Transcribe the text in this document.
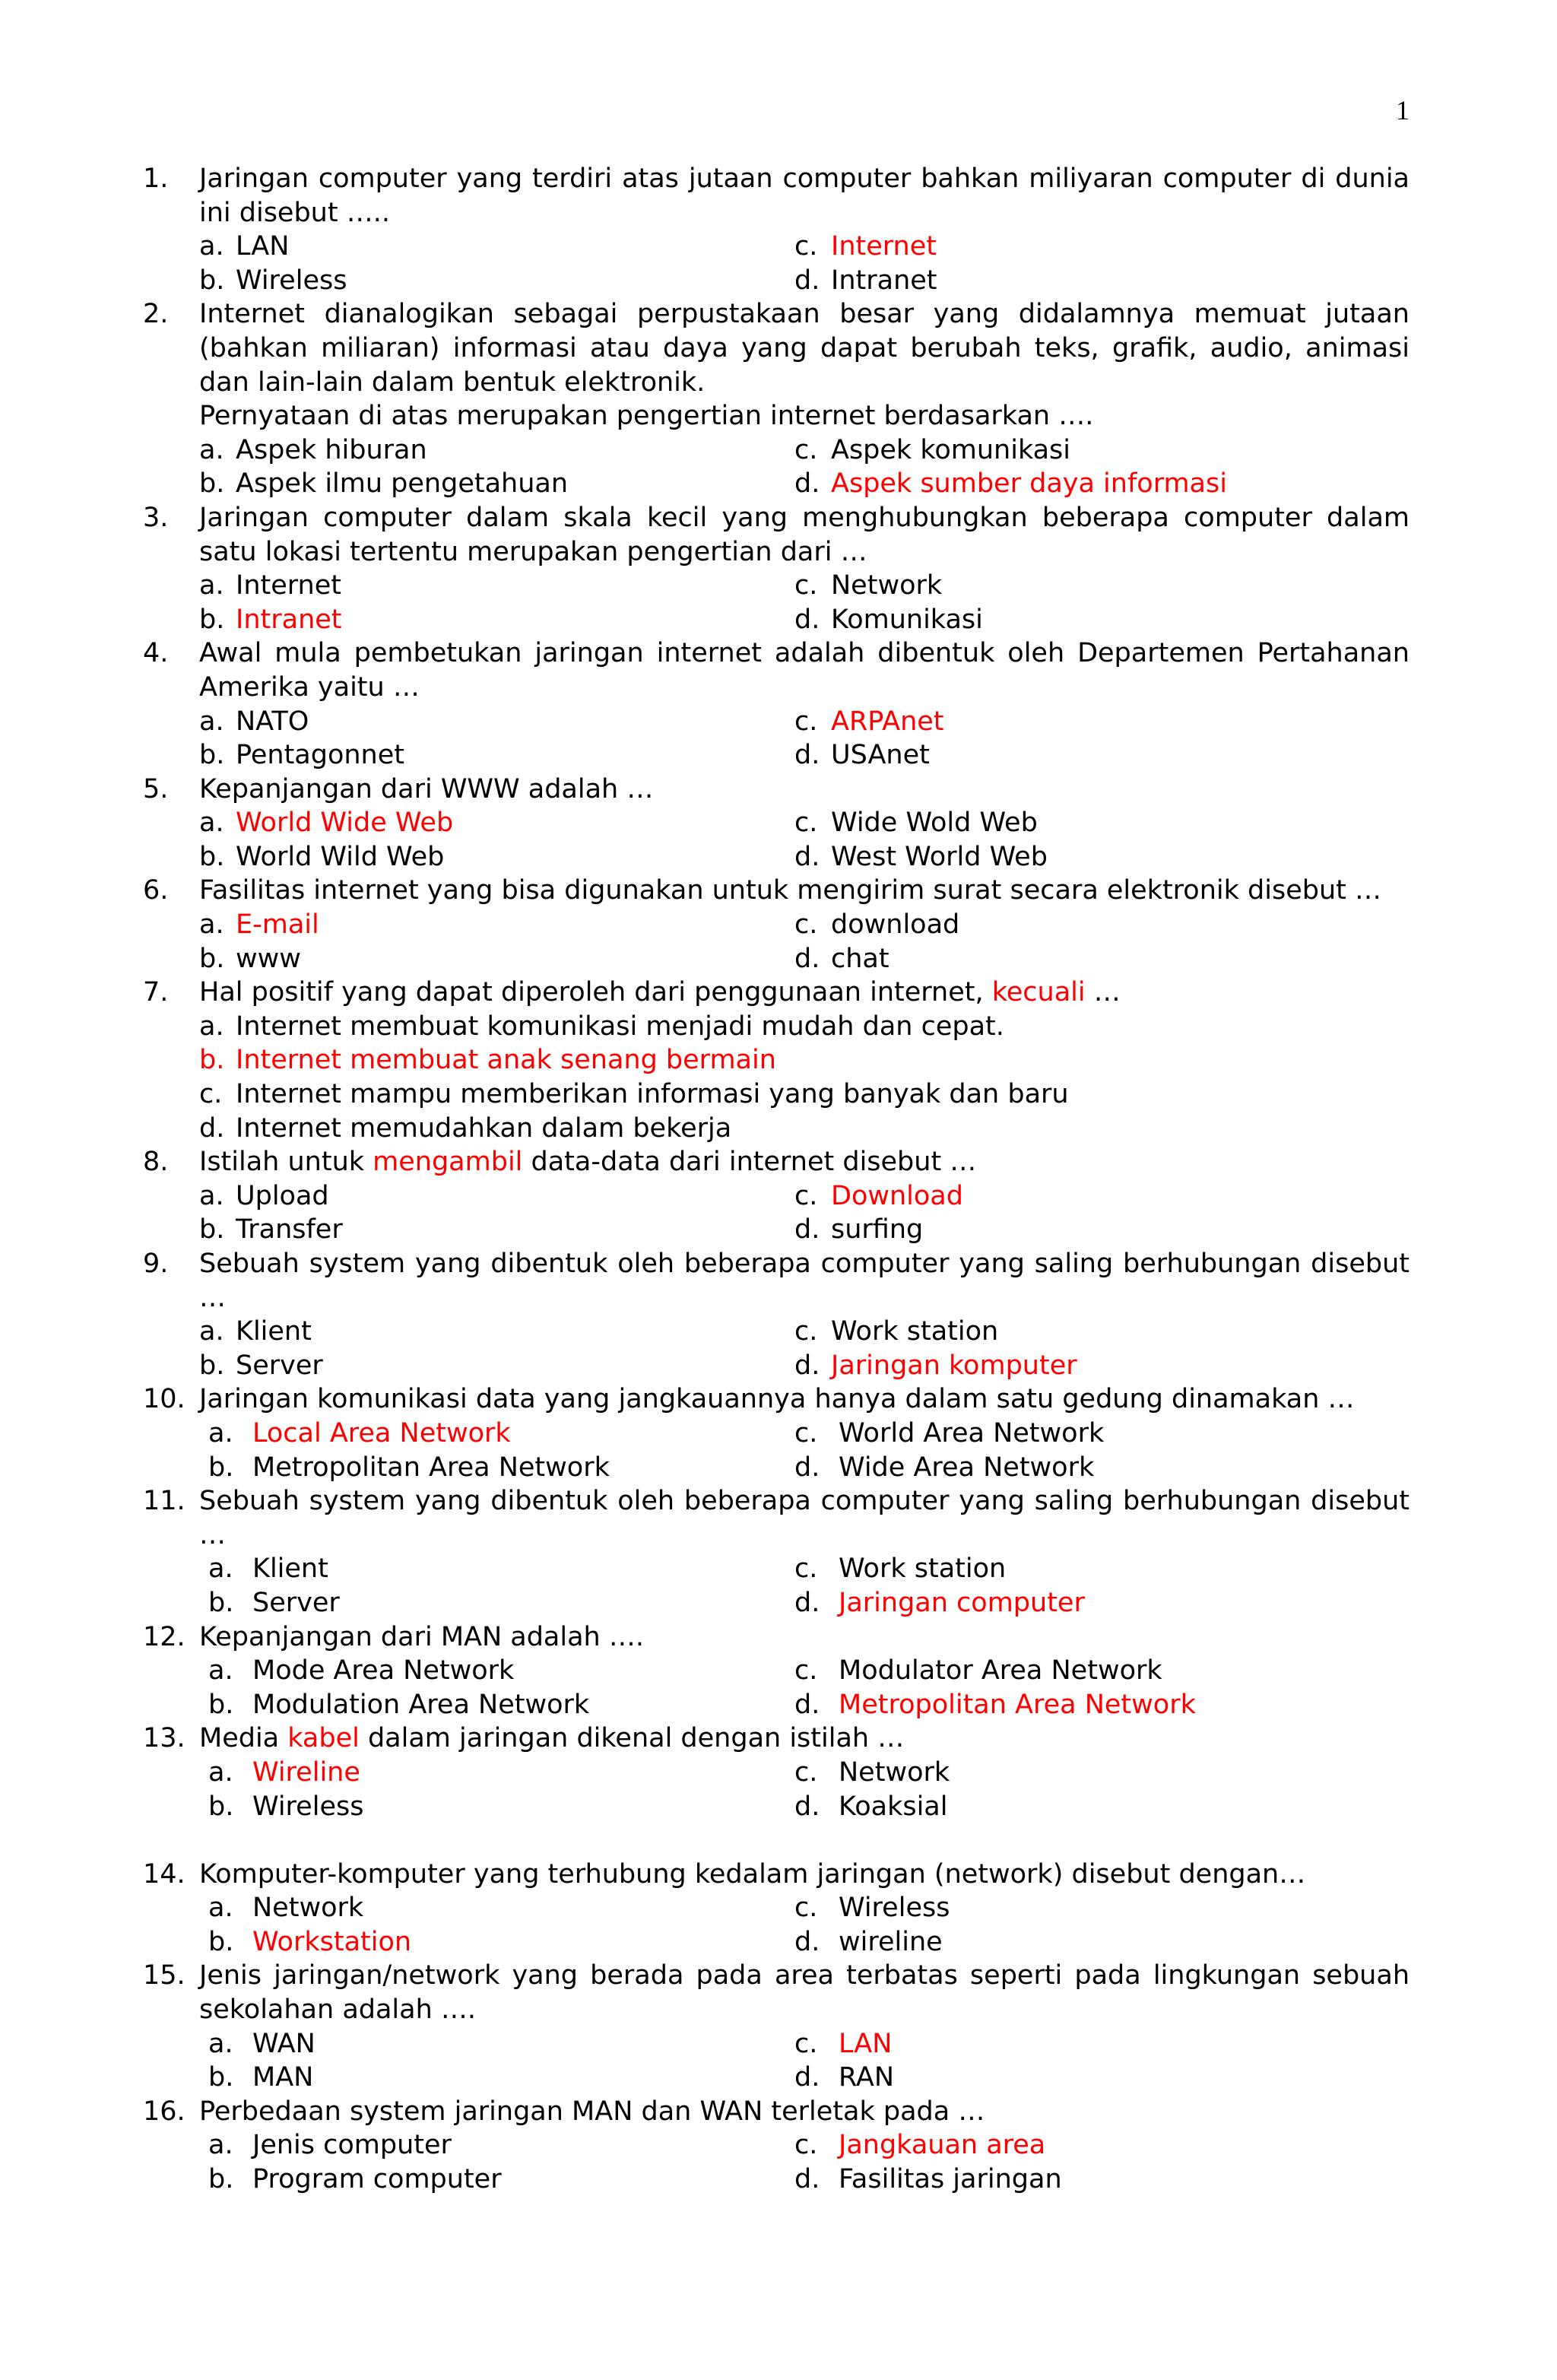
1
1. Jaringan computer yang terdiri atas jutaan computer bahkan miliyaran computer di dunia ini disebut …..
a. LAN	c. Internet
b. Wireless	d. Intranet
2. Internet dianalogikan sebagai perpustakaan besar yang didalamnya memuat jutaan (bahkan miliaran) informasi atau daya yang dapat berubah teks, grafik, audio, animasi dan lain-lain dalam bentuk elektronik.
Pernyataan di atas merupakan pengertian internet berdasarkan ….
a. Aspek hiburan	c. Aspek komunikasi
b. Aspek ilmu pengetahuan	d. Aspek sumber daya informasi
3. Jaringan computer dalam skala kecil yang menghubungkan beberapa computer dalam satu lokasi tertentu merupakan pengertian dari …
a. Internet	c. Network
b. Intranet	d. Komunikasi
4. Awal mula pembetukan jaringan internet adalah dibentuk oleh Departemen Pertahanan Amerika yaitu …
a. NATO	c. ARPAnet
b. Pentagonnet	d. USAnet
5. Kepanjangan dari WWW adalah …
a. World Wide Web	c. Wide Wold Web
b. World Wild Web	d. West World Web
6. Fasilitas internet yang bisa digunakan untuk mengirim surat secara elektronik disebut …
a. E-mail	c. download
b. www	d. chat
7. Hal positif yang dapat diperoleh dari penggunaan internet, kecuali …
a. Internet membuat komunikasi menjadi mudah dan cepat.
b. Internet membuat anak senang bermain
c. Internet mampu memberikan informasi yang banyak dan baru
d. Internet memudahkan dalam bekerja
8. Istilah untuk mengambil data-data dari internet disebut …
a. Upload	c. Download
b. Transfer	d. surfing
9. Sebuah system yang dibentuk oleh beberapa computer yang saling berhubungan disebut …
a. Klient	c. Work station
b. Server	d. Jaringan komputer
10. Jaringan komunikasi data yang jangkauannya hanya dalam satu gedung dinamakan …
a. Local Area Network	c. World Area Network
b. Metropolitan Area Network	d. Wide Area Network
11. Sebuah system yang dibentuk oleh beberapa computer yang saling berhubungan disebut …
a. Klient	c. Work station
b. Server	d. Jaringan computer
12. Kepanjangan dari MAN adalah ….
a. Mode Area Network	c. Modulator Area Network
b. Modulation Area Network	d. Metropolitan Area Network
13. Media kabel dalam jaringan dikenal dengan istilah …
a. Wireline	c. Network
b. Wireless	d. Koaksial
14. Komputer-komputer yang terhubung kedalam jaringan (network) disebut dengan…
a. Network	c. Wireless
b. Workstation	d. wireline
15. Jenis jaringan/network yang berada pada area terbatas seperti pada lingkungan sebuah sekolahan adalah ….
a. WAN	c. LAN
b. MAN	d. RAN
16. Perbedaan system jaringan MAN dan WAN terletak pada …
a. Jenis computer	c. Jangkauan area
b. Program computer	d. Fasilitas jaringan
